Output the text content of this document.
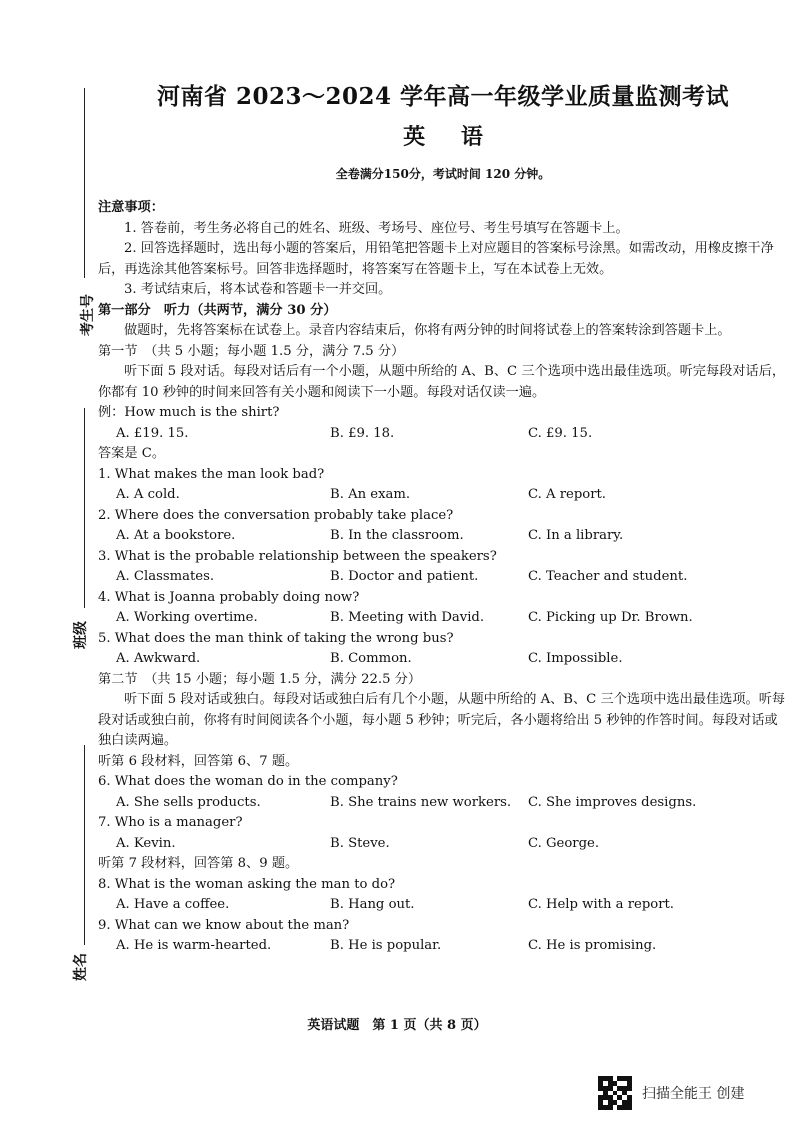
考生号
班级
姓名
河南省 2023～2024 学年高一年级学业质量监测考试
英 语
全卷满分150分，考试时间 120 分钟。

注意事项：

1. 答卷前，考生务必将自己的姓名、班级、考场号、座位号、考生号填写在答题卡上。

2. 回答选择题时，选出每小题的答案后，用铅笔把答题卡上对应题目的答案标号涂黑。如需改动，用橡皮擦干净后，再选涂其他答案标号。回答非选择题时，将答案写在答题卡上，写在本试卷上无效。

3. 考试结束后，将本试卷和答题卡一并交回。

第一部分　听力（共两节，满分 30 分）

做题时，先将答案标在试卷上。录音内容结束后，你将有两分钟的时间将试卷上的答案转涂到答题卡上。

第一节　（共 5 小题；每小题 1.5 分，满分 7.5 分）

听下面 5 段对话。每段对话后有一个小题，从题中所给的 A、B、C 三个选项中选出最佳选项。听完每段对话后，你都有 10 秒钟的时间来回答有关小题和阅读下一小题。每段对话仅读一遍。

例：How much is the shirt?

A. £19. 15.	B. £9. 18.	C. £9. 15.

答案是 C。

1. What makes the man look bad?

A. A cold.	B. An exam.	C. A report.

2. Where does the conversation probably take place?

A. At a bookstore.	B. In the classroom.	C. In a library.

3. What is the probable relationship between the speakers?

A. Classmates.	B. Doctor and patient.	C. Teacher and student.

4. What is Joanna probably doing now?

A. Working overtime.	B. Meeting with David.	C. Picking up Dr. Brown.

5. What does the man think of taking the wrong bus?

A. Awkward.	B. Common.	C. Impossible.

第二节　（共 15 小题；每小题 1.5 分，满分 22.5 分）

听下面 5 段对话或独白。每段对话或独白后有几个小题，从题中所给的 A、B、C 三个选项中选出最佳选项。听每段对话或独白前，你将有时间阅读各个小题，每小题 5 秒钟；听完后，各小题将给出 5 秒钟的作答时间。每段对话或独白读两遍。

听第 6 段材料，回答第 6、7 题。

6. What does the woman do in the company?

A. She sells products.	B. She trains new workers.	C. She improves designs.

7. Who is a manager?

A. Kevin.	B. Steve.	C. George.

听第 7 段材料，回答第 8、9 题。

8. What is the woman asking the man to do?

A. Have a coffee.	B. Hang out.	C. Help with a report.

9. What can we know about the man?

A. He is warm-hearted.	B. He is popular.	C. He is promising.
英语试题　第 1 页（共 8 页）
扫描全能王 创建
